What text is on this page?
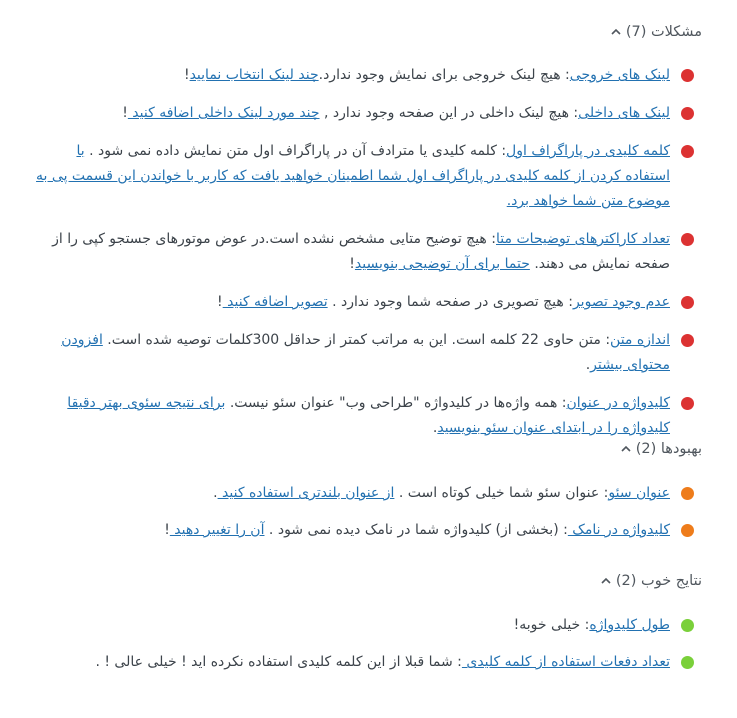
مشکلات (7)
لینک های خروجی: هیچ لینک خروجی برای نمایش وجود ندارد.چند لینک انتخاب نمایید!
لینک های داخلی: هیچ لینک داخلی در این صفحه وجود ندارد , چند مورد لینک داخلی اضافه کنید !
کلمه کلیدی در پاراگراف اول: کلمه کلیدی یا مترادف آن در پاراگراف اول متن نمایش داده نمی شود . با استفاده کردن از کلمه کلیدی در پاراگراف اول شما اطمینان خواهید یافت که کاربر با خواندن این قسمت پی به موضوع متن شما خواهد برد.
تعداد کاراکترهای توضیحات متا: هیچ توضیح متایی مشخص نشده است.در عوض موتورهای جستجو کپی را از صفحه نمایش می دهند. حتما برای آن توضیحی بنویسید!
عدم وجود تصویر: هیچ تصویری در صفحه شما وجود ندارد . تصویر اضافه کنید !
اندازه متن: متن حاوی 22 کلمه است. این به مراتب کمتر از حداقل 300کلمات توصیه شده است. افزودن محتوای بیشتر.
کلیدواژه در عنوان: همه واژه‌ها در کلیدواژه "طراحی وب" عنوان سئو نیست. برای نتیجه سئوی بهتر دقیقا کلیدواژه را در ابتدای عنوان سئو بنویسید.
بهبودها (2)
عنوان سئو: عنوان سئو شما خیلی کوتاه است . از عنوان بلندتری استفاده کنید .
کلیدواژه در نامک : (بخشی از) کلیدواژه شما در نامک دیده نمی شود . آن را تغییر دهید !
نتایج خوب (2)
طول کلیدواژه: خیلی خوبه!
تعداد دفعات استفاده از کلمه کلیدی : شما قبلا از این کلمه کلیدی استفاده نکرده اید ! خیلی عالی ! .
